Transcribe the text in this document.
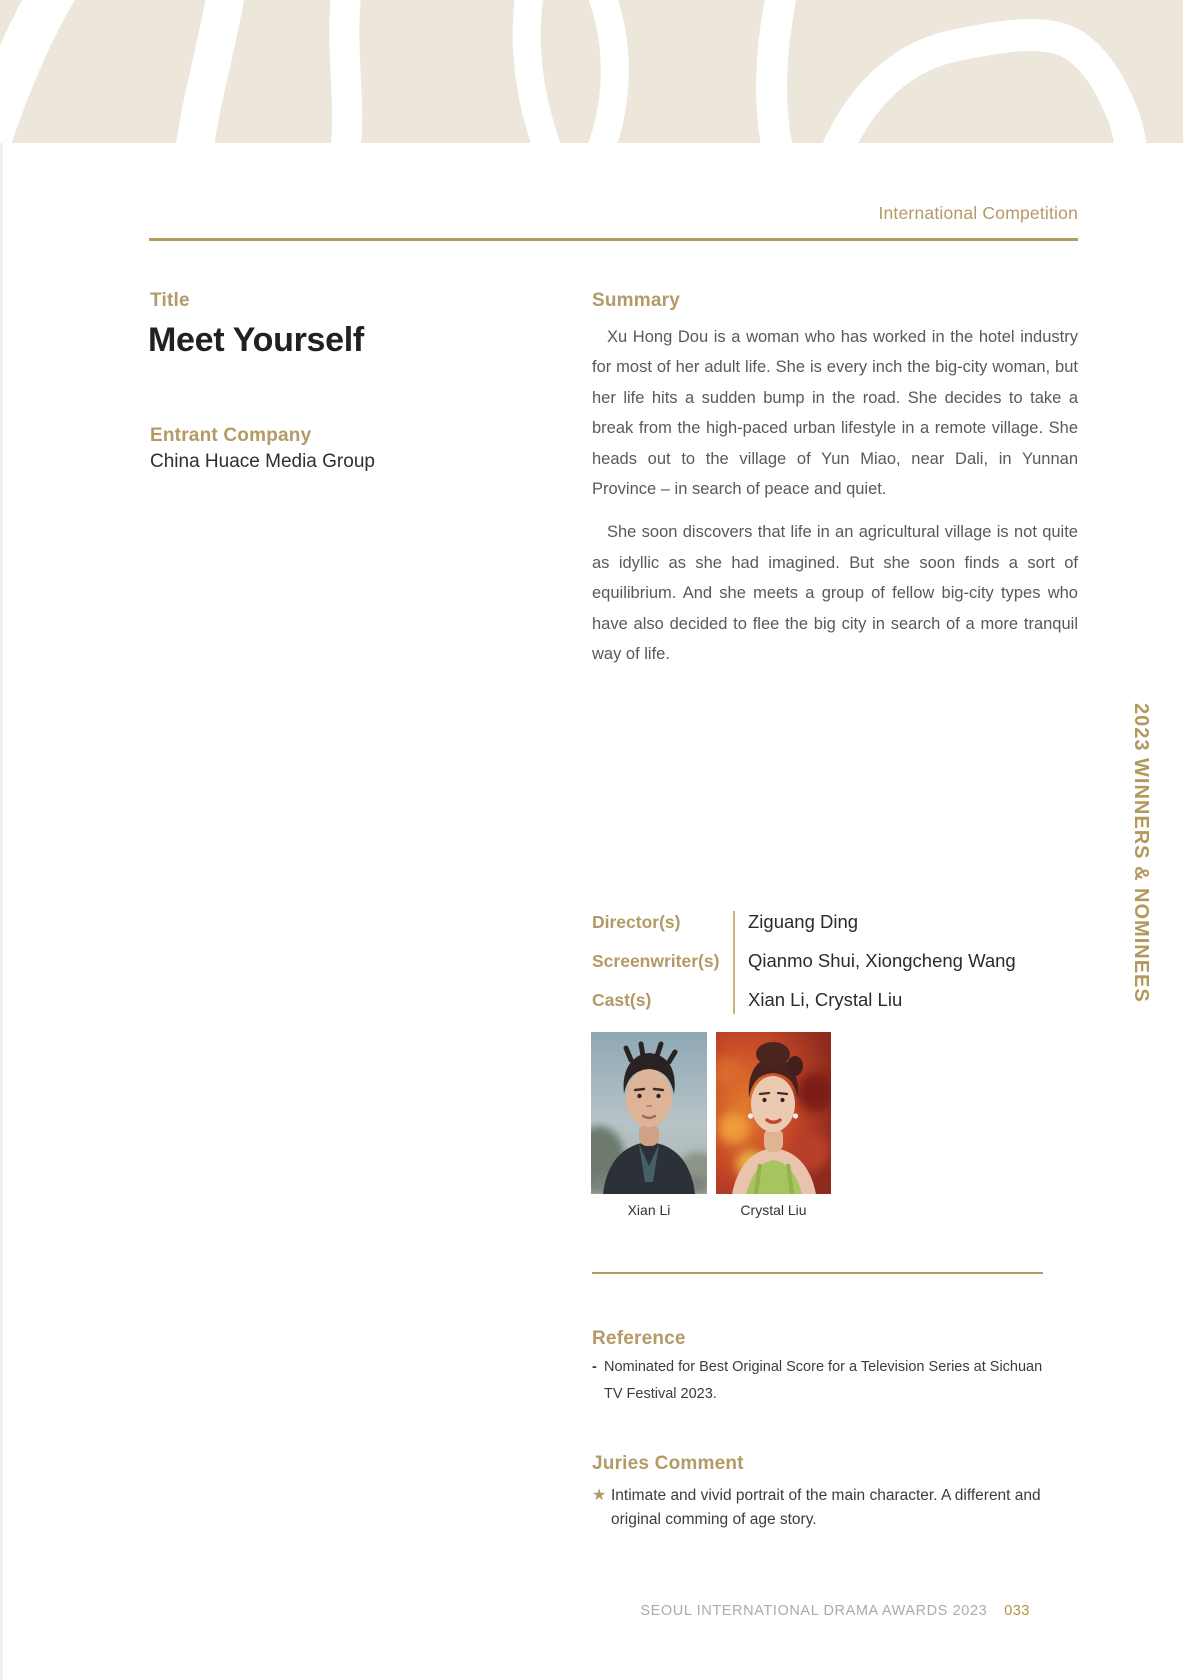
International Competition
Title
Meet Yourself
Entrant Company
China Huace Media Group
Summary

Xu Hong Dou is a woman who has worked in the hotel industry for most of her adult life. She is every inch the big-city woman, but her life hits a sudden bump in the road. She decides to take a break from the high-paced urban lifestyle in a remote village. She heads out to the village of Yun Miao, near Dali, in Yunnan Province – in search of peace and quiet.

She soon discovers that life in an agricultural village is not quite as idyllic as she had imagined. But she soon finds a sort of equilibrium. And she meets a group of fellow big-city types who have also decided to flee the big city in search of a more tranquil way of life.

Director(s)	Ziguang Ding
Screenwriter(s) Qianmo Shui, Xiongcheng Wang
Cast(s)	Xian Li, Crystal Liu
Xian Li	Crystal Liu
Reference
- Nominated for Best Original Score for a Television Series at Sichuan TV Festival 2023.
Juries Comment
★ Intimate and vivid portrait of the main character. A different and original comming of age story.
SEOUL INTERNATIONAL DRAMA AWARDS 2023 033
2023 WINNERS & NOMINEES
